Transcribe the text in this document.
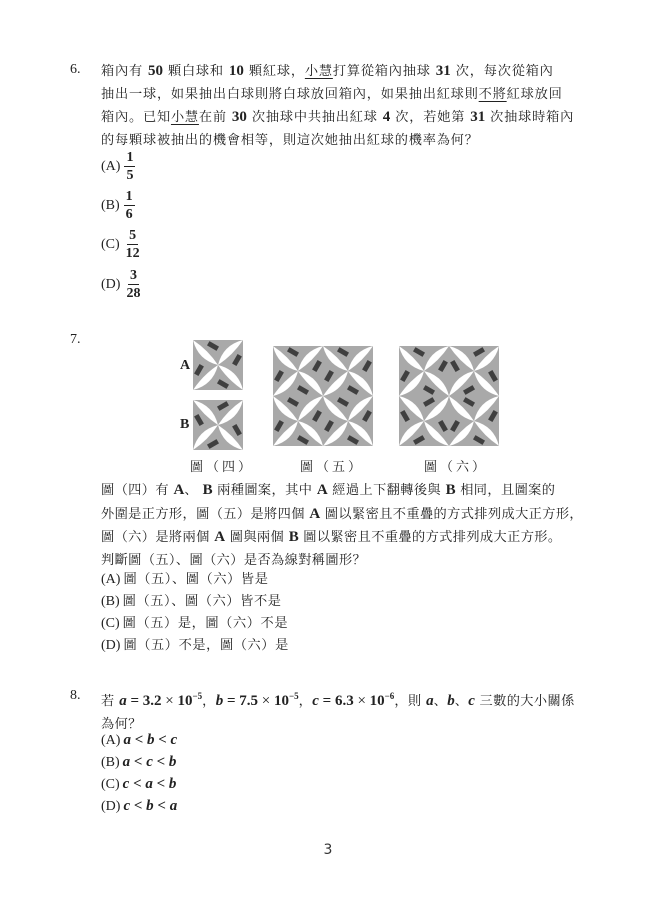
6. 箱內有 50 顆白球和 10 顆紅球，小慧打算從箱內抽球 31 次，每次從箱內
抽出一球，如果抽出白球則將白球放回箱內，如果抽出紅球則不將紅球放回
箱內。已知小慧在前 30 次抽球中共抽出紅球 4 次，若她第 31 次抽球時箱內
的每顆球被抽出的機會相等，則這次她抽出紅球的機率為何？
$(A) \frac{1}{5}$
$(B) \frac{1}{6}$
$(C) \frac{5}{12}$
$(D) \frac{3}{28}$
7.
A
B
圖（四）	圖（五）	圖（六）
圖（四）有 A、 B 兩種圖案，其中 A 經過上下翻轉後與 B 相同，且圖案的
外圍是正方形，圖（五）是將四個 A 圖以緊密且不重疊的方式排列成大正方形，
圖（六）是將兩個 A 圖與兩個 B 圖以緊密且不重疊的方式排列成大正方形。
判斷圖（五）、圖（六）是否為線對稱圖形？
(A) 圖（五）、圖（六）皆是
(B) 圖（五）、圖（六）皆不是
(C) 圖（五）是，圖（六）不是
(D) 圖（五）不是，圖（六）是
8. 若 $a = 3.2 \times 10^{-5}$，$b = 7.5 \times 10^{-5}$，$c = 6.3 \times 10^{-6}$，則 a、b、c 三數的大小關係
為何？
(A) a < b < c
(B) a < c < b
(C) c < a < b
(D) c < b < a
3
